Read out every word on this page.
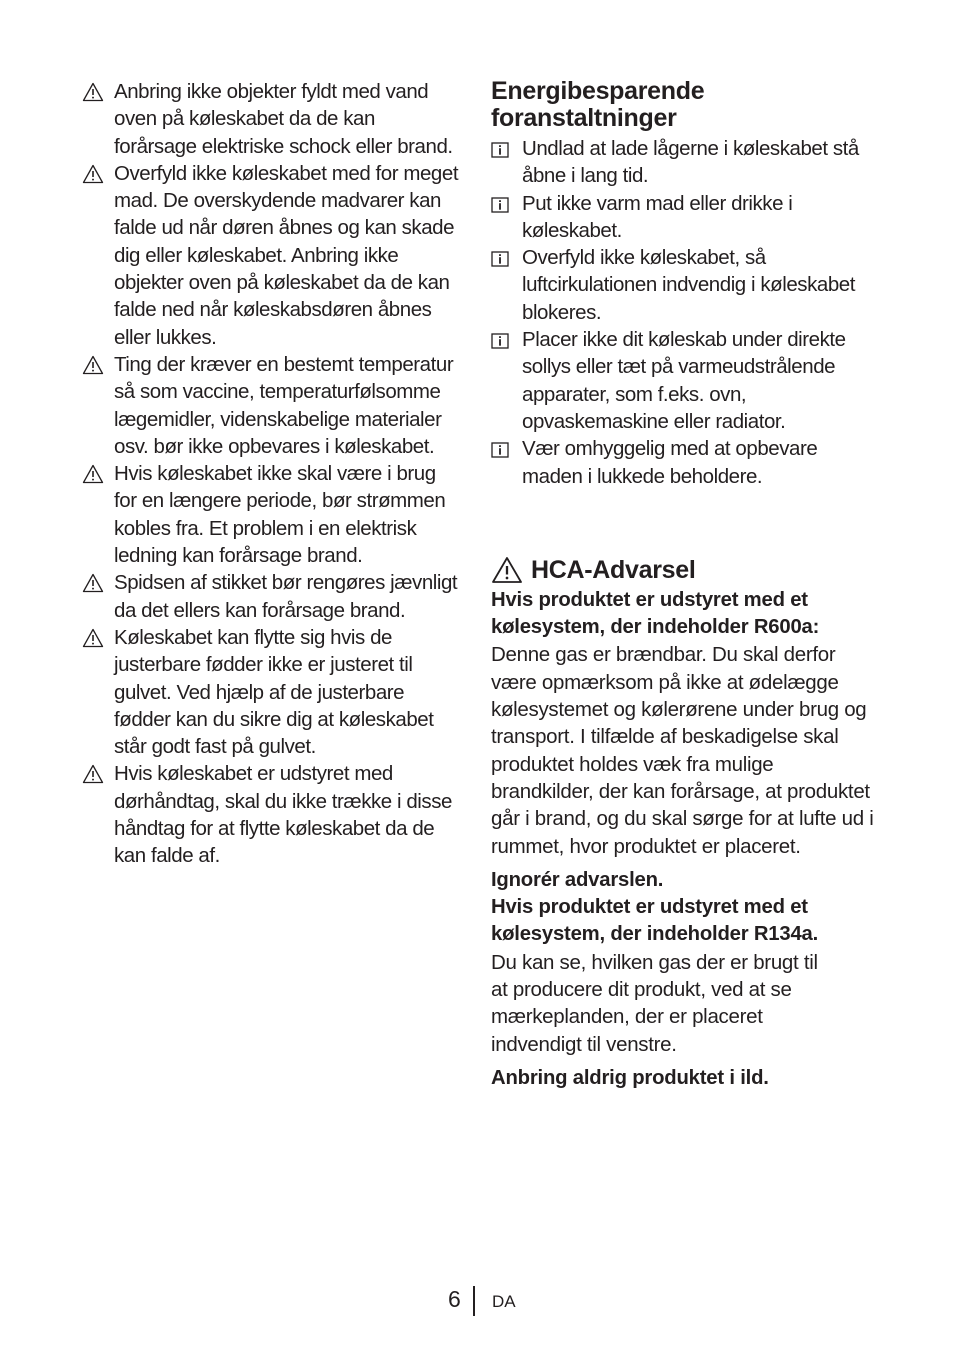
Anbring ikke objekter fyldt med vand oven på køleskabet da de kan forårsage elektriske schock eller brand.
Overfyld ikke køleskabet med for meget mad. De overskydende madvarer kan falde ud når døren åbnes og kan skade dig eller køleskabet. Anbring ikke objekter oven på køleskabet da de kan falde ned når køleskabsdøren åbnes eller lukkes.
Ting der kræver en bestemt temperatur så som vaccine, temperaturfølsomme lægemidler, videnskabelige materialer osv. bør ikke opbevares i køleskabet.
Hvis køleskabet ikke skal være i brug for en længere periode, bør strømmen kobles fra. Et problem i en elektrisk ledning kan forårsage brand.
Spidsen af stikket bør rengøres jævnligt da det ellers kan forårsage brand.
Køleskabet kan flytte sig hvis de justerbare fødder ikke er justeret til gulvet. Ved hjælp af de justerbare fødder kan du sikre dig at køleskabet står godt fast på gulvet.
Hvis køleskabet er udstyret med dørhåndtag, skal du ikke trække i disse håndtag for at flytte køleskabet da de kan falde af.
Energibesparende
foranstaltninger
Undlad at lade lågerne i køleskabet stå åbne i lang tid.
Put ikke varm mad eller drikke i køleskabet.
Overfyld ikke køleskabet, så luftcirkulationen indvendig i køleskabet blokeres.
Placer ikke dit køleskab under direkte sollys eller tæt på varmeudstrålende apparater, som f.eks. ovn, opvaskemaskine eller radiator.
Vær omhyggelig med at opbevare maden i lukkede beholdere.
HCA-Advarsel

Hvis produktet er udstyret med et kølesystem, der indeholder R600a:

Denne gas er brændbar. Du skal derfor være opmærksom på ikke at ødelægge kølesystemet og kølerørene under brug og transport. I tilfælde af beskadigelse skal produktet holdes væk fra mulige brandkilder, der kan forårsage, at produktet går i brand, og du skal sørge for at lufte ud i rummet, hvor produktet er placeret.

Ignorér advarslen.

Hvis produktet er udstyret med et kølesystem, der indeholder R134a.

Du kan se, hvilken gas der er brugt til at producere dit produkt, ved at se mærkeplanden, der er placeret indvendigt til venstre.

Anbring aldrig produktet i ild.

6 DA
